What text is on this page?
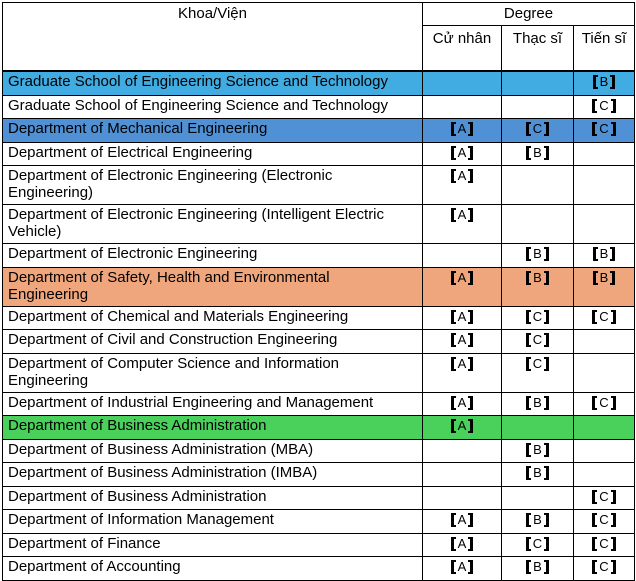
Khoa/Viện	Degree		
	Cử nhân	Thạc sĩ	Tiến sĩ

Graduate School of Engineering Science and Technology			B

Graduate School of Engineering Science and Technology			C

Department of Mechanical Engineering	A	C	C

Department of Electrical Engineering	A	B	

Department of Electronic Engineering (Electronic
Engineering)	A		

Department of Electronic Engineering (Intelligent Electric
Vehicle)	A		

Department of Electronic Engineering		B	B

Department of Safety, Health and Environmental
Engineering	A	B	B

Department of Chemical and Materials Engineering	A	C	C

Department of Civil and Construction Engineering	A	C	

Department of Computer Science and Information
Engineering	A	C	

Department of Industrial Engineering and Management	A	B	C

Department of Business Administration	A		

Department of Business Administration (MBA)		B	

Department of Business Administration (IMBA)		B	

Department of Business Administration			C

Department of Information Management	A	B	C

Department of Finance	A	C	C

Department of Accounting	A	B	C
